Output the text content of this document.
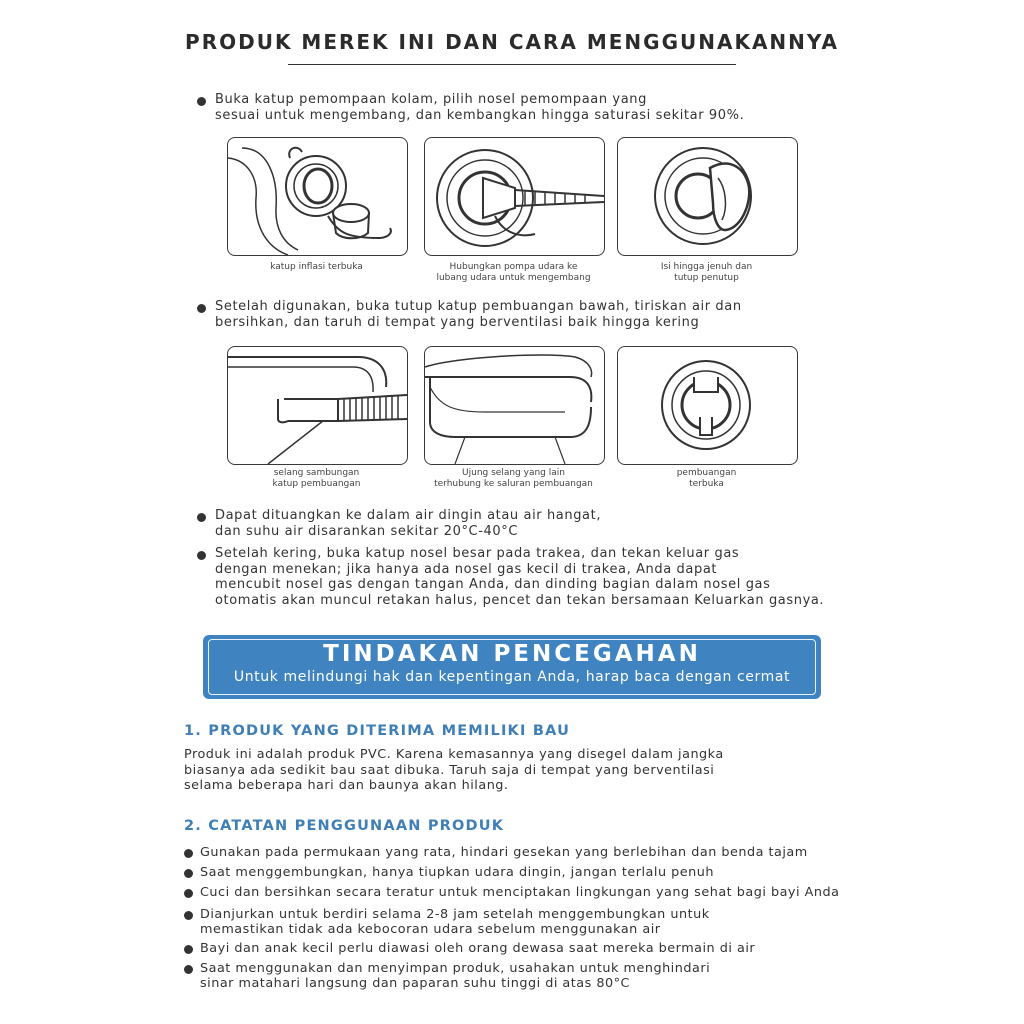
PRODUK MEREK INI DAN CARA MENGGUNAKANNYA
Buka katup pemompaan kolam, pilih nosel pemompaan yang
sesuai untuk mengembang, dan kembangkan hingga saturasi sekitar 90%.
katup inflasi terbuka	Hubungkan pompa udara ke
lubang udara untuk mengembang
Isi hingga jenuh dan
tutup penutup
Setelah digunakan, buka tutup katup pembuangan bawah, tiriskan air dan
bersihkan, dan taruh di tempat yang berventilasi baik hingga kering
selang sambungan
katup pembuangan
Ujung selang yang lain
terhubung ke saluran pembuangan
pembuangan
terbuka
Dapat dituangkan ke dalam air dingin atau air hangat,
dan suhu air disarankan sekitar 20°C-40°C
Setelah kering, buka katup nosel besar pada trakea, dan tekan keluar gas
dengan menekan; jika hanya ada nosel gas kecil di trakea, Anda dapat
mencubit nosel gas dengan tangan Anda, dan dinding bagian dalam nosel gas
otomatis akan muncul retakan halus, pencet dan tekan bersamaan Keluarkan gasnya.
TINDAKAN PENCEGAHAN
Untuk melindungi hak dan kepentingan Anda, harap baca dengan cermat
1. PRODUK YANG DITERIMA MEMILIKI BAU
Produk ini adalah produk PVC. Karena kemasannya yang disegel dalam jangka
biasanya ada sedikit bau saat dibuka. Taruh saja di tempat yang berventilasi
selama beberapa hari dan baunya akan hilang.
2. CATATAN PENGGUNAAN PRODUK
Gunakan pada permukaan yang rata, hindari gesekan yang berlebihan dan benda tajam
Saat menggembungkan, hanya tiupkan udara dingin, jangan terlalu penuh
Cuci dan bersihkan secara teratur untuk menciptakan lingkungan yang sehat bagi bayi Anda
Dianjurkan untuk berdiri selama 2-8 jam setelah menggembungkan untuk
memastikan tidak ada kebocoran udara sebelum menggunakan air
Bayi dan anak kecil perlu diawasi oleh orang dewasa saat mereka bermain di air
Saat menggunakan dan menyimpan produk, usahakan untuk menghindari
sinar matahari langsung dan paparan suhu tinggi di atas 80°C
